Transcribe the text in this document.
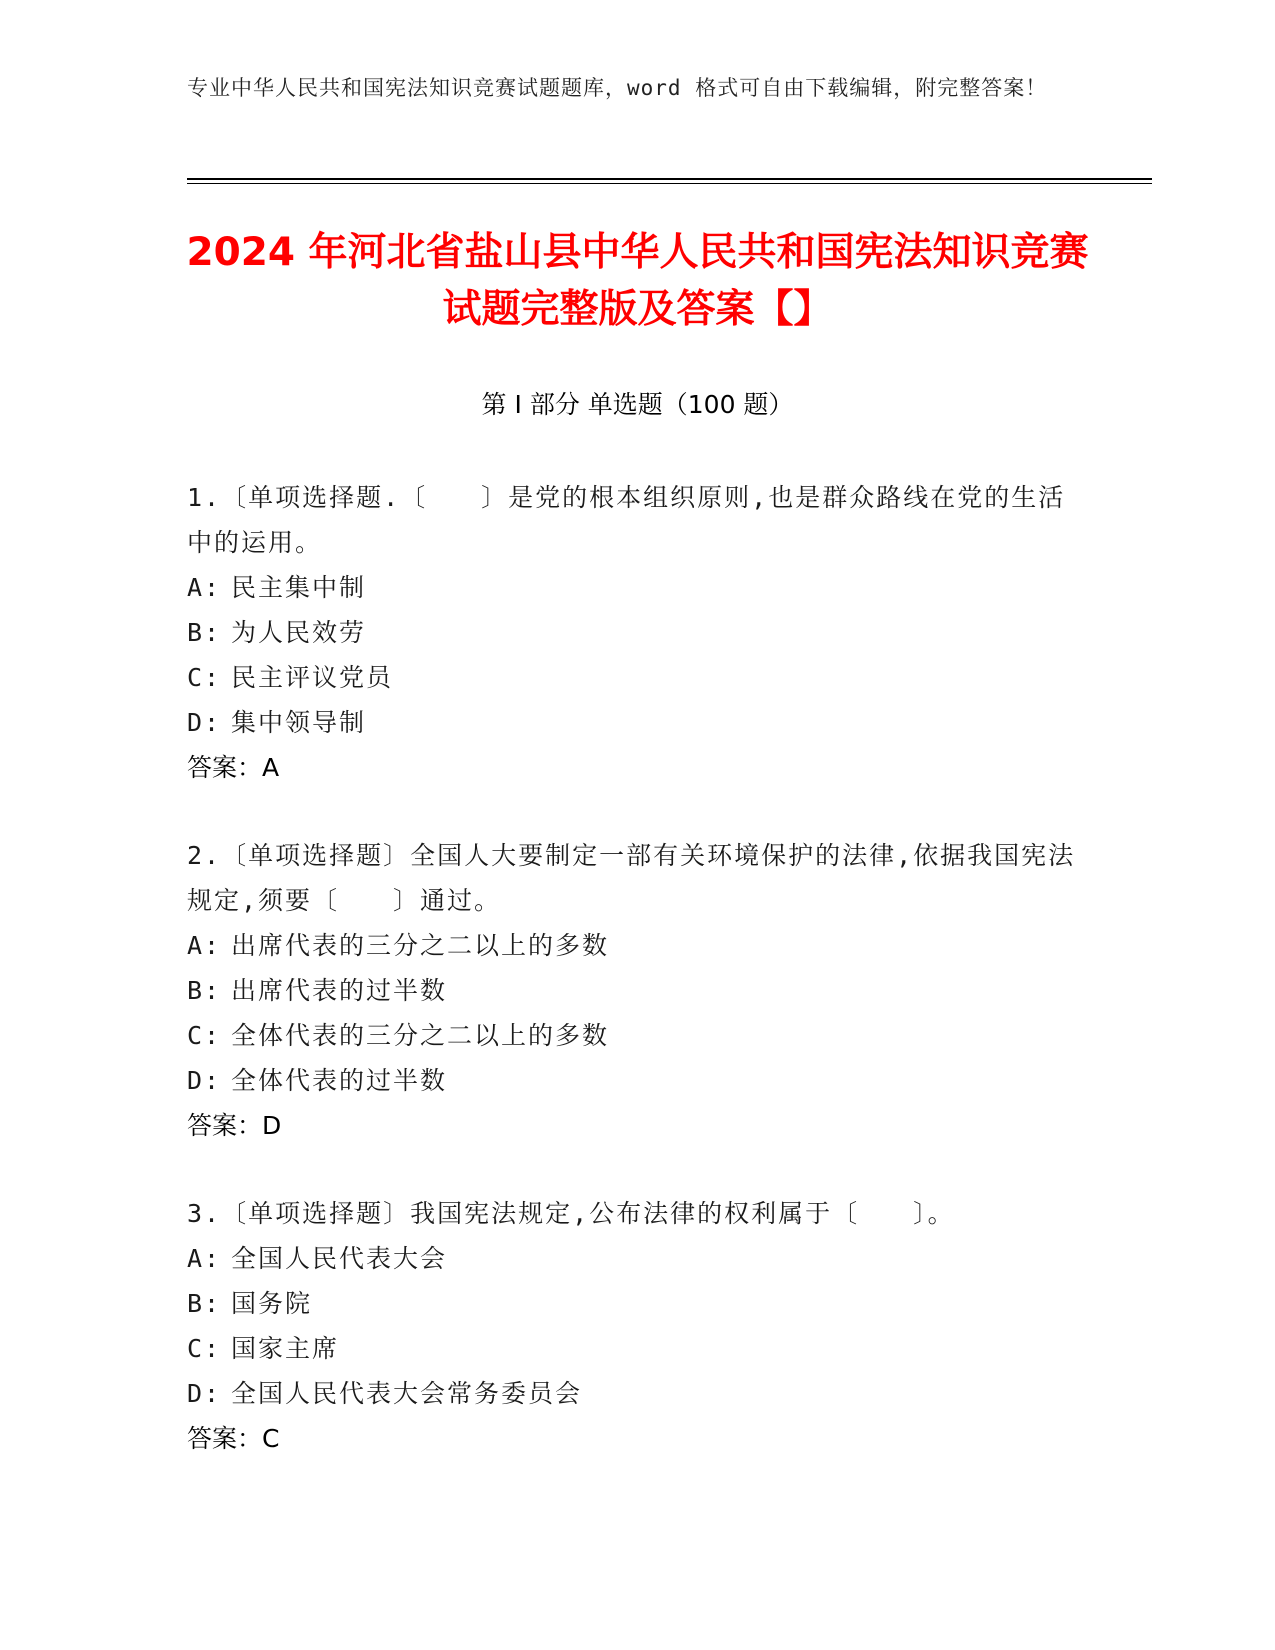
专业中华人民共和国宪法知识竞赛试题题库，word 格式可自由下载编辑，附完整答案！
2024 年河北省盐山县中华人民共和国宪法知识竞赛试题完整版及答案【】
第 I 部分 单选题（100 题）
1.〔单项选择题.〔　　〕是党的根本组织原则,也是群众路线在党的生活中的运用。
A: 民主集中制
B: 为人民效劳
C: 民主评议党员
D: 集中领导制
答案：A
2.〔单项选择题〕全国人大要制定一部有关环境保护的法律,依据我国宪法规定,须要〔　　〕通过。
A: 出席代表的三分之二以上的多数
B: 出席代表的过半数
C: 全体代表的三分之二以上的多数
D: 全体代表的过半数
答案：D
3.〔单项选择题〕我国宪法规定,公布法律的权利属于〔　　〕。
A: 全国人民代表大会
B: 国务院
C: 国家主席
D: 全国人民代表大会常务委员会
答案：C
